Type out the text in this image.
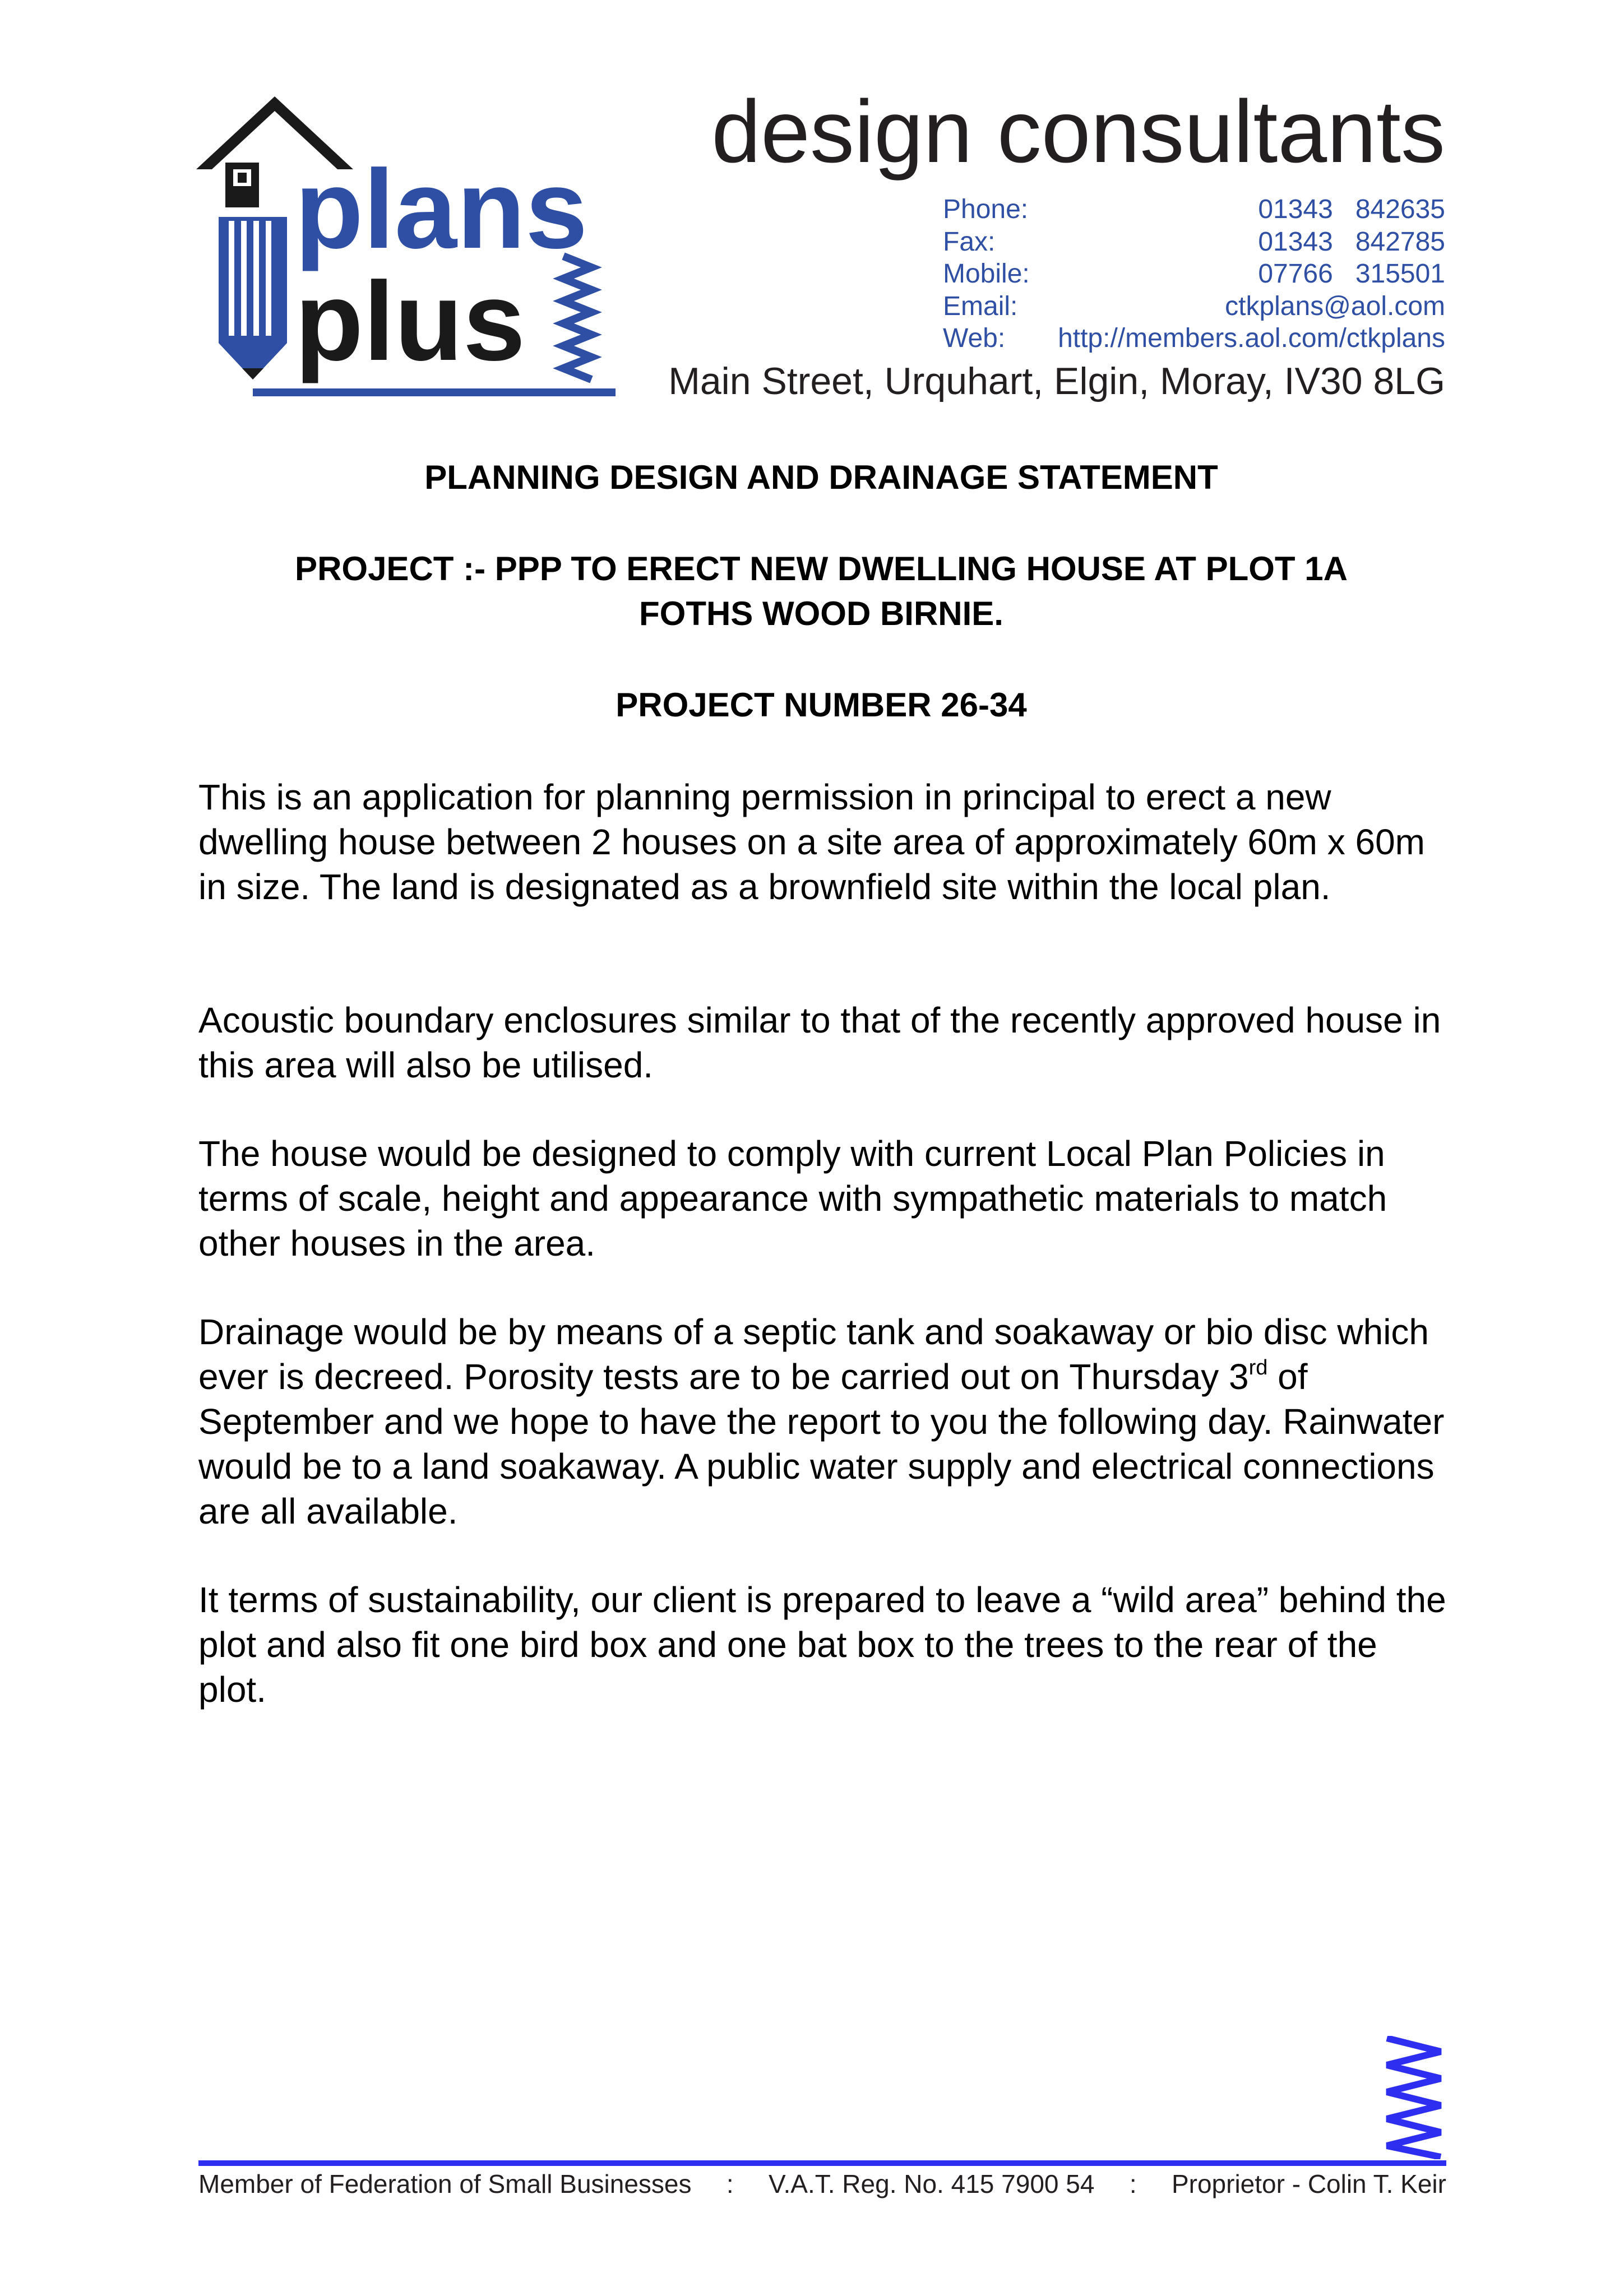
plans
plus
design consultants
Phone:	01343   842635
Fax:	01343   842785
Mobile:	07766   315501
Email:	ctkplans@aol.com
Web: http://members.aol.com/ctkplans
Main Street, Urquhart, Elgin, Moray, IV30 8LG
PLANNING DESIGN AND DRAINAGE STATEMENT
PROJECT :- PPP TO ERECT NEW DWELLING HOUSE AT PLOT 1A
FOTHS WOOD BIRNIE.
PROJECT NUMBER 26-34

This is an application for planning permission in principal to erect a new dwelling house between 2 houses on a site area of approximately 60m x 60m in size. The land is designated as a brownfield site within the local plan.

Acoustic boundary enclosures similar to that of the recently approved house in this area will also be utilised.

The house would be designed to comply with current Local Plan Policies in terms of scale, height and appearance with sympathetic materials to match other houses in the area.

Drainage would be by means of a septic tank and soakaway or bio disc which ever is decreed. Porosity tests are to be carried out on Thursday 3rd of September and we hope to have the report to you the following day. Rainwater would be to a land soakaway. A public water supply and electrical connections are all available.

It terms of sustainability, our client is prepared to leave a “wild area” behind the plot and also fit one bird box and one bat box to the trees to the rear of the plot.

Member of Federation of Small Businesses : V.A.T. Reg. No. 415 7900 54 : Proprietor - Colin T. Keir
